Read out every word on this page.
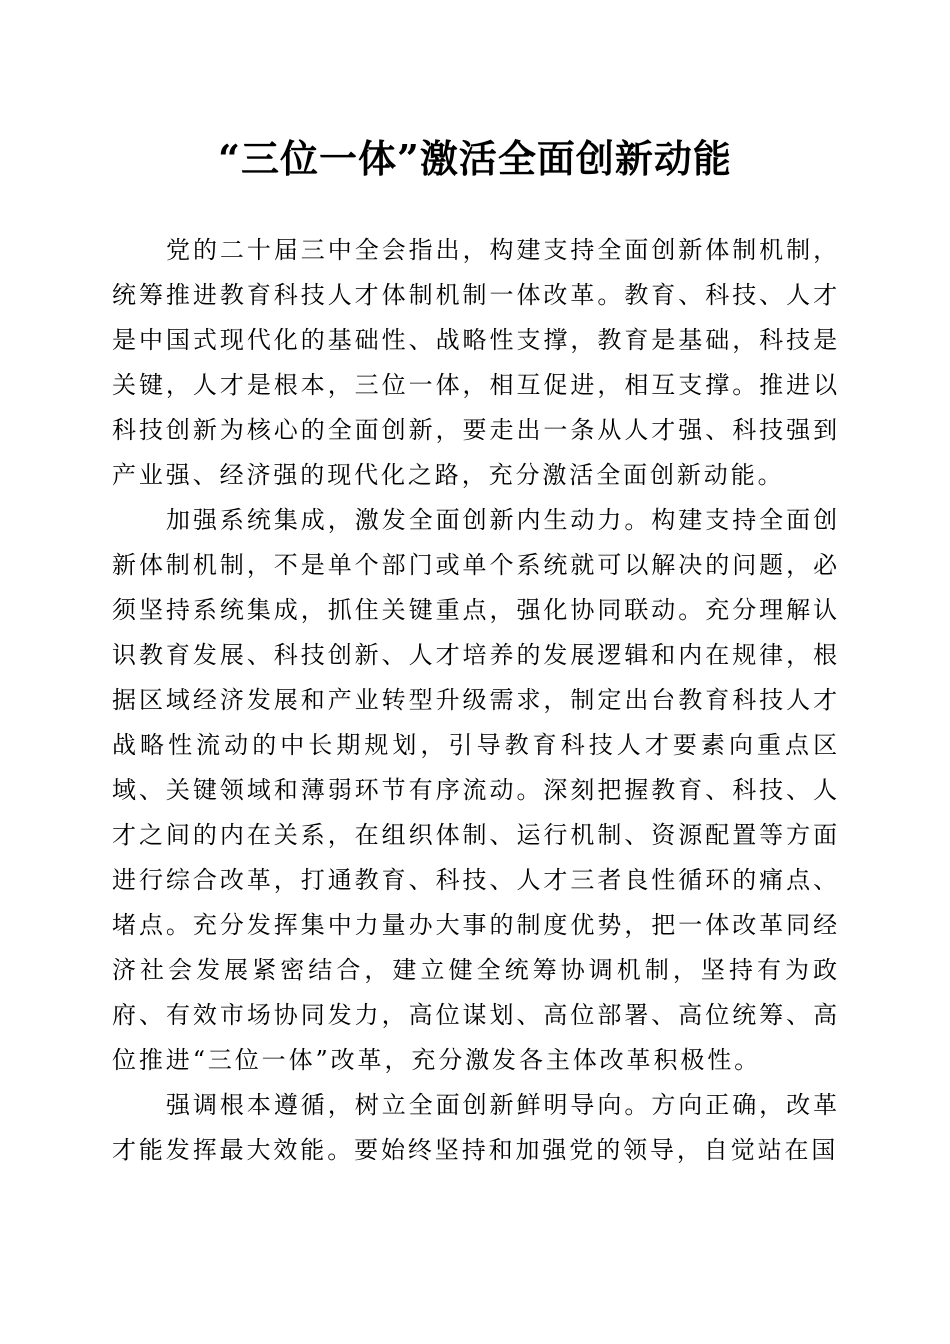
“三位一体”激活全面创新动能

党的二十届三中全会指出，构建支持全面创新体制机制，统筹推进教育科技人才体制机制一体改革。教育、科技、人才是中国式现代化的基础性、战略性支撑，教育是基础，科技是关键，人才是根本，三位一体，相互促进，相互支撑。推进以科技创新为核心的全面创新，要走出一条从人才强、科技强到产业强、经济强的现代化之路，充分激活全面创新动能。

加强系统集成，激发全面创新内生动力。构建支持全面创新体制机制，不是单个部门或单个系统就可以解决的问题，必须坚持系统集成，抓住关键重点，强化协同联动。充分理解认识教育发展、科技创新、人才培养的发展逻辑和内在规律，根据区域经济发展和产业转型升级需求，制定出台教育科技人才战略性流动的中长期规划，引导教育科技人才要素向重点区域、关键领域和薄弱环节有序流动。深刻把握教育、科技、人才之间的内在关系，在组织体制、运行机制、资源配置等方面进行综合改革，打通教育、科技、人才三者良性循环的痛点、堵点。充分发挥集中力量办大事的制度优势，把一体改革同经济社会发展紧密结合，建立健全统筹协调机制，坚持有为政府、有效市场协同发力，高位谋划、高位部署、高位统筹、高位推进“三位一体”改革，充分激发各主体改革积极性。

强调根本遵循，树立全面创新鲜明导向。方向正确，改革才能发挥最大效能。要始终坚持和加强党的领导，自觉站在国
